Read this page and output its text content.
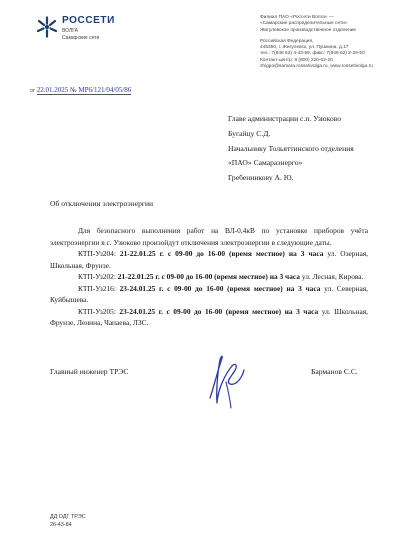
РОССЕТИ
ВОЛГА
Самарские сети
Филиал ПАО «Россети Волга» —
«Самарские распределительные сети»
Жигулевское производственное отделение
Российская Федерация,
445350, г. Жигулевск, ул. Пушкина, д.17
тел.: 7(848 62) 4-43-59, факс: 7(848 62) 2-29-50
Контакт-центр: 8 (800) 220-02-20
zhigpo@samara.rossetivolga.ru, www.rossetivolga.ru
от 22.01.2025 № МР6/121/04/05/86
Главе администрации с.п. Узюково
Бугайцу С.Д.
Начальнику Тольяттинского отделения
«ПАО» Самараэнерго»
Гребенникову А. Ю.
Об отключении электроэнергии

Для безопасного выполнения работ на ВЛ-0,4кВ по установке приборов учёта электроэнергии в с. Узюково произойдут отключения электроэнергии в следующие даты.

КТП-Уз204: 21-22.01.25 г. с 09-00 до 16-00 (время местное) на 3 часа ул. Озерная, Школьная, Фрунзе.

КТП-Уз202: 21-22.01.25 г. с 09-00 до 16-00 (время местное) на 3 часа ул. Лесная, Кирова.

КТП-Уз216: 23-24.01.25 г. с 09-00 до 16-00 (время местное) на 3 часа ул. Северная, Куйбышева.

КТП-Уз205: 23-24.01.25 г. с 09-00 до 16-00 (время местное) на 3 часа ул. Школьная, Фрунзе, Ленина, Чапаева, ЛЗС.

Главный инженер ТРЭС	Барманов С.С.
ДД ОДГ ТРЭС
26-43-84
